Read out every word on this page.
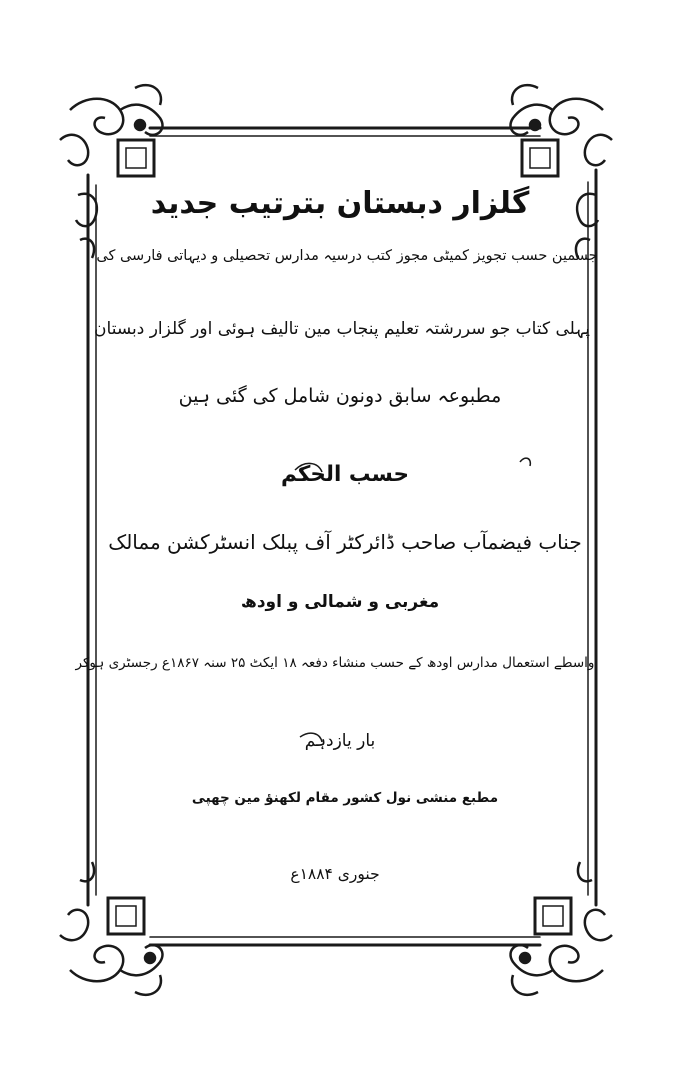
گلزار دبستان بترتیب جدید
جسمین حسب تجویز کمیٹی مجوز کتب درسیہ مدارس تحصیلی و دیہاتی فارسی کی
پہلی کتاب جو سررشتہ تعلیم پنجاب مین تالیف ہوئی اور گلزار دبستان
مطبوعہ سابق دونون شامل کی گئی ہین
حسب الحکم
جناب فیضمآب صاحب ڈائرکٹر آف پبلک انسٹرکشن ممالک
مغربی و شمالی و اودھ
واسطے استعمال مدارس اودھ کے حسب منشاء دفعہ ۱۸ ایکٹ ۲۵ سنہ ۱۸۶۷ع رجسٹری ہوکر
بار یازدہم
مطبع منشی نول کشور مقام لکھنؤ مین چھپی
جنوری ۱۸۸۴ع
